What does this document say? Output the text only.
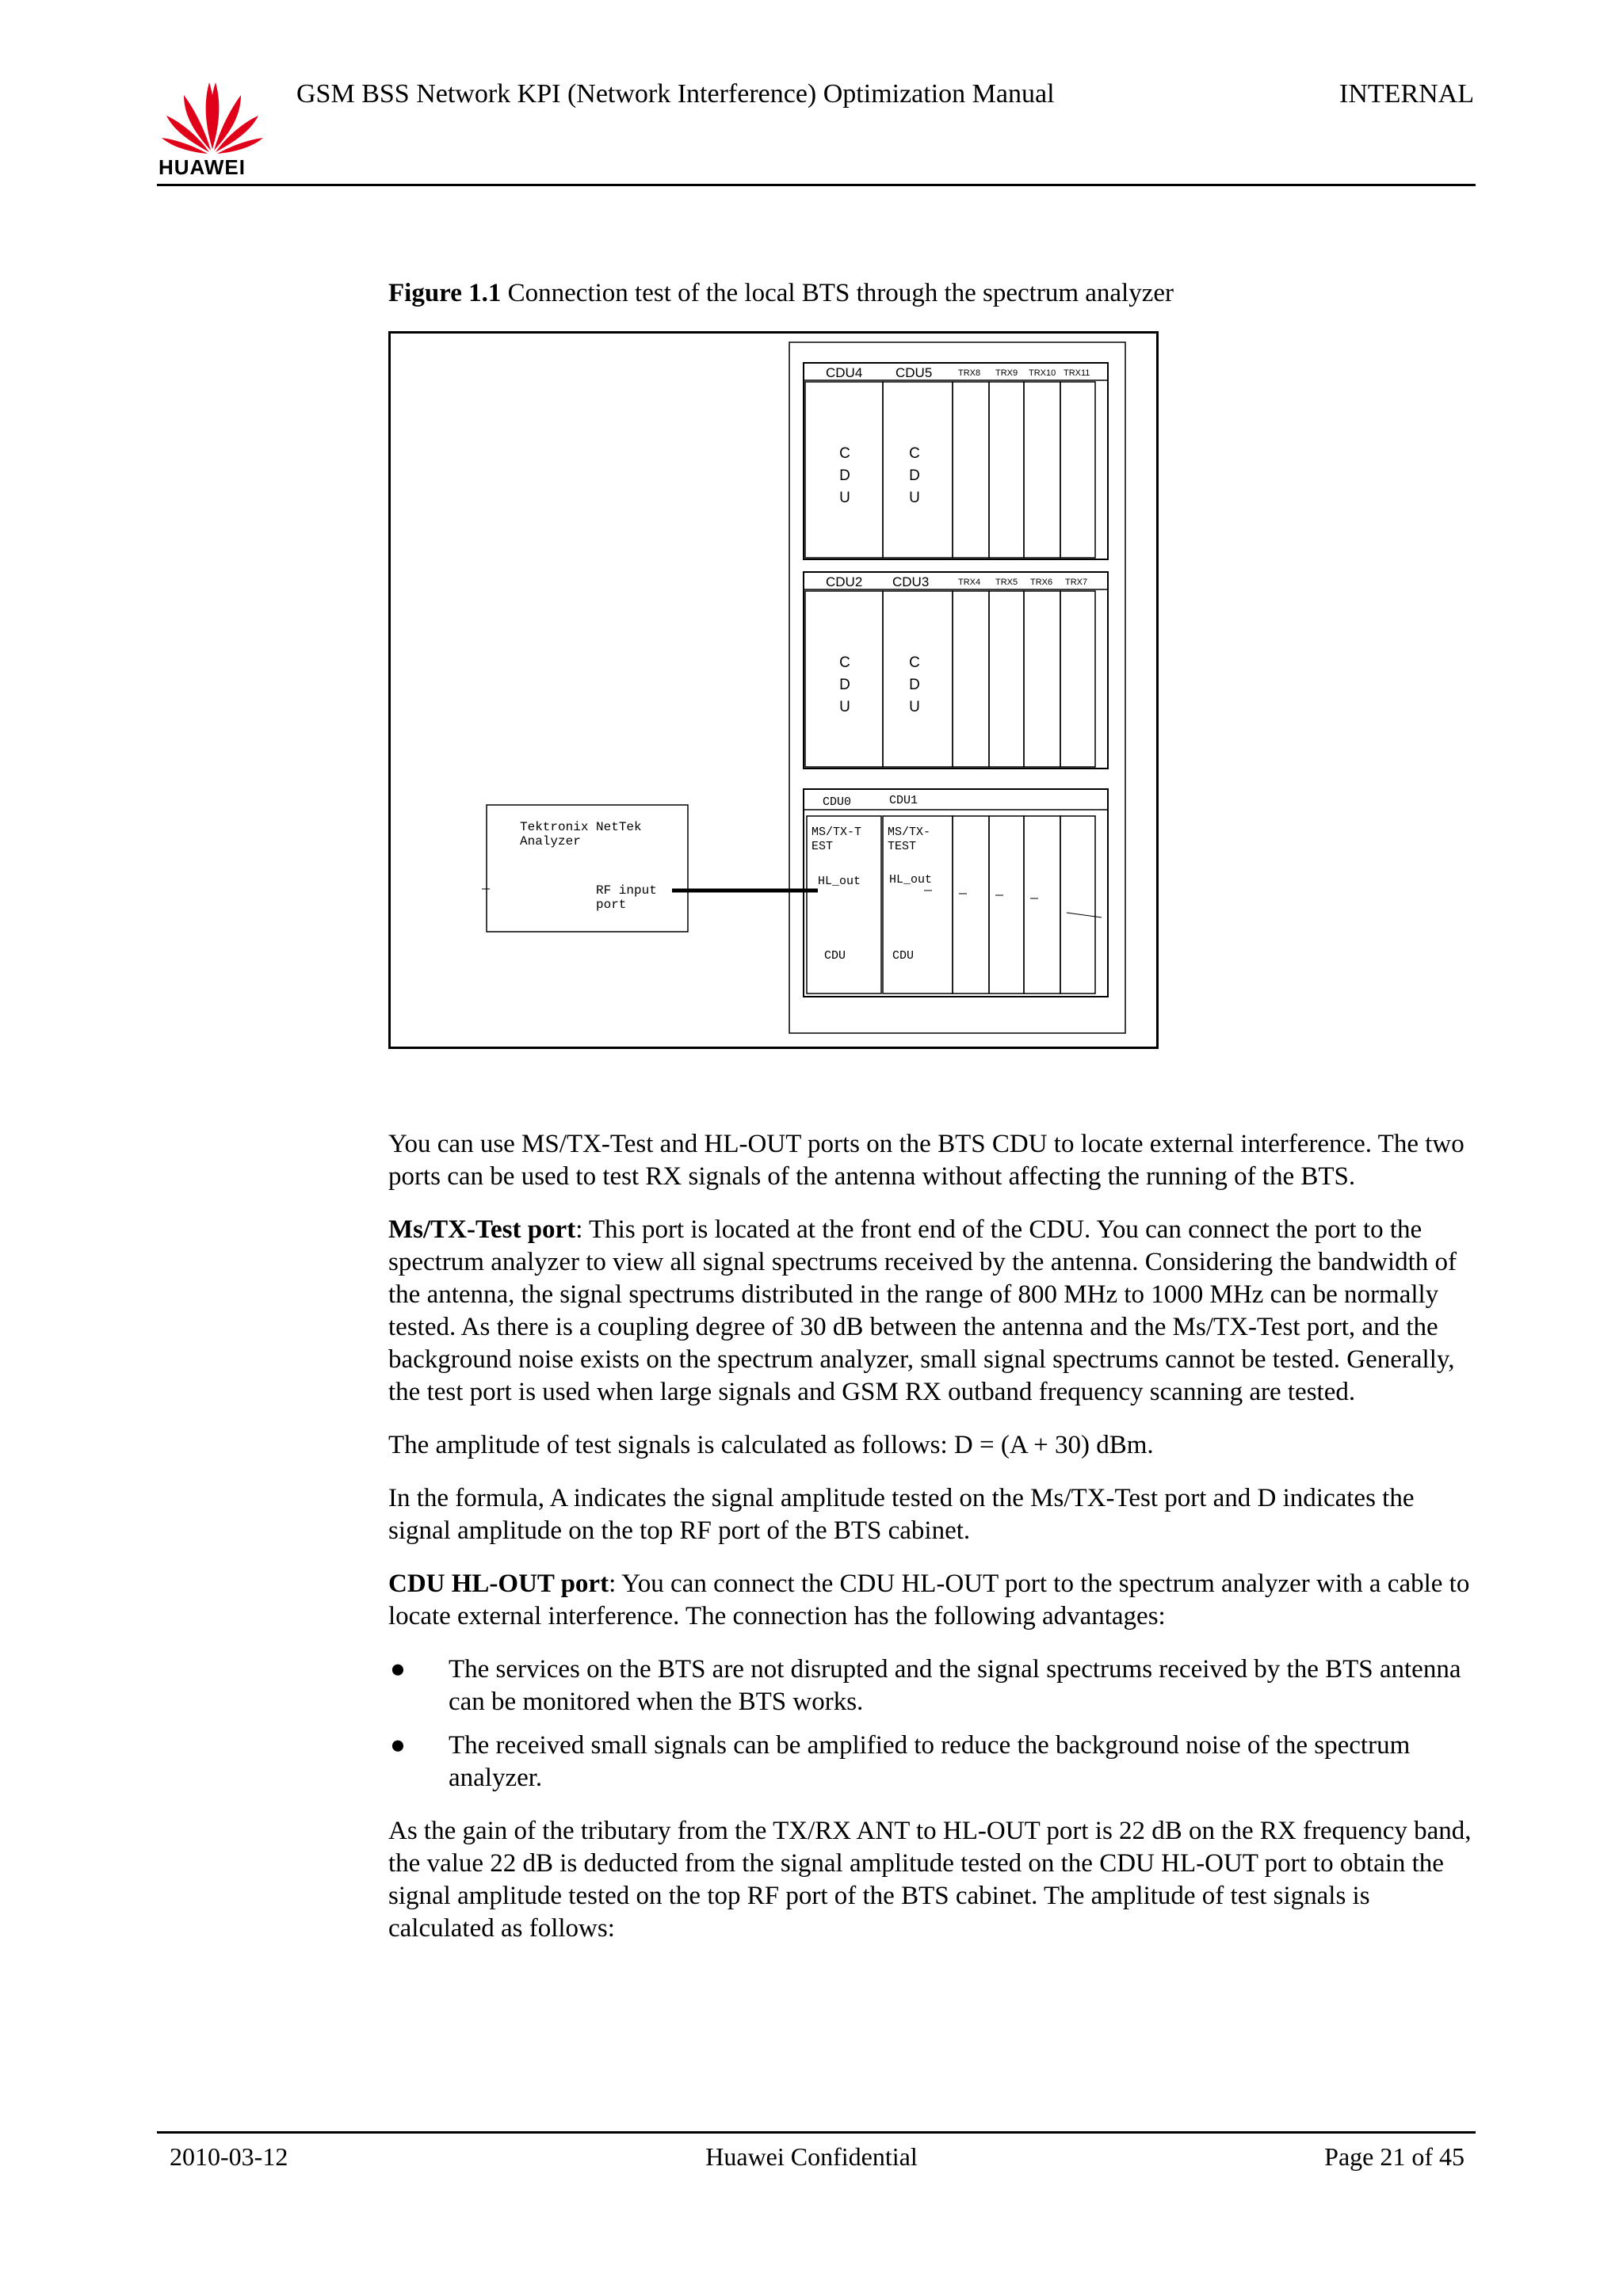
HUAWEI
GSM BSS Network KPI (Network Interference) Optimization Manual	INTERNAL
Figure 1.1 Connection test of the local BTS through the spectrum analyzer
CDU4 CDU5	TRX8 TRX9 TRX10 TRX11
C
D
U
C
D
U
CDU2 CDU3	TRX4 TRX5 TRX6 TRX7
C
D
U
C
D
U
CDU0	CDU1
MS/TX-T
EST
MS/TX-
TEST
HL_out HL_out
CDU	CDU
Tektronix NetTek
Analyzer
RF input
port

You can use MS/TX-Test and HL-OUT ports on the BTS CDU to locate external interference. The two ports can be used to test RX signals of the antenna without affecting the running of the BTS.

Ms/TX-Test port: This port is located at the front end of the CDU. You can connect the port to the spectrum analyzer to view all signal spectrums received by the antenna. Considering the bandwidth of the antenna, the signal spectrums distributed in the range of 800 MHz to 1000 MHz can be normally tested. As there is a coupling degree of 30 dB between the antenna and the Ms/TX-Test port, and the background noise exists on the spectrum analyzer, small signal spectrums cannot be tested. Generally, the test port is used when large signals and GSM RX outband frequency scanning are tested.

The amplitude of test signals is calculated as follows: D = (A + 30) dBm.

In the formula, A indicates the signal amplitude tested on the Ms/TX-Test port and D indicates the signal amplitude on the top RF port of the BTS cabinet.

CDU HL-OUT port: You can connect the CDU HL-OUT port to the spectrum analyzer with a cable to locate external interference. The connection has the following advantages:

● The services on the BTS are not disrupted and the signal spectrums received by the BTS antenna can be monitored when the BTS works.
● The received small signals can be amplified to reduce the background noise of the spectrum analyzer.

As the gain of the tributary from the TX/RX ANT to HL-OUT port is 22 dB on the RX frequency band, the value 22 dB is deducted from the signal amplitude tested on the CDU HL-OUT port to obtain the signal amplitude tested on the top RF port of the BTS cabinet. The amplitude of test signals is calculated as follows:

2010-03-12	Huawei Confidential	Page 21 of 45
